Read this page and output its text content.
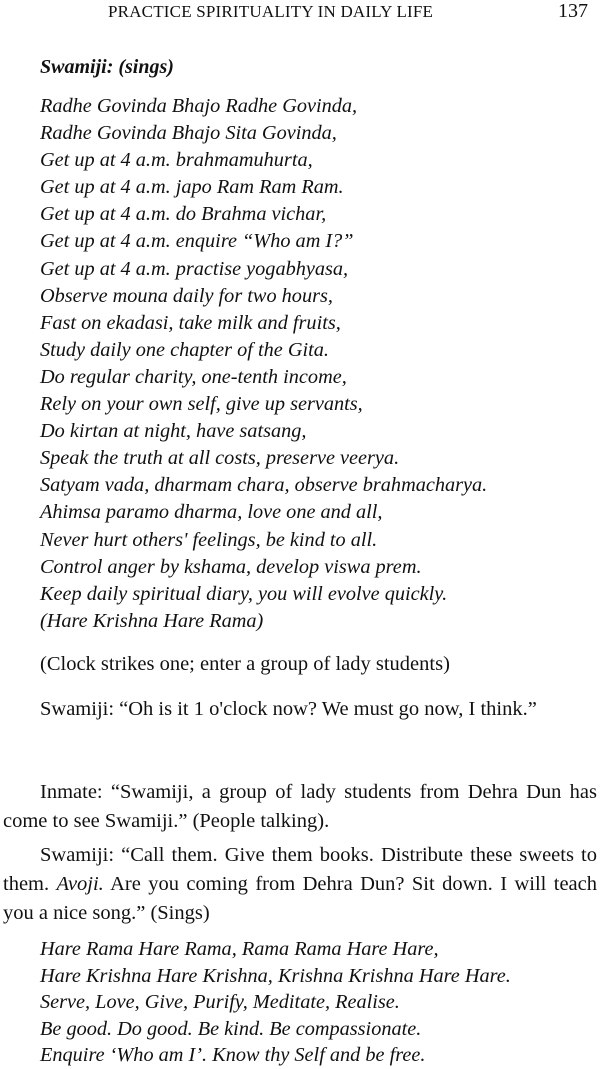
PRACTICE SPIRITUALITY IN DAILY LIFE	137
Swamiji: (sings)
Radhe Govinda Bhajo Radhe Govinda,
Radhe Govinda Bhajo Sita Govinda,
Get up at 4 a.m. brahmamuhurta,
Get up at 4 a.m. japo Ram Ram Ram.
Get up at 4 a.m. do Brahma vichar,
Get up at 4 a.m. enquire “Who am I?”
Get up at 4 a.m. practise yogabhyasa,
Observe mouna daily for two hours,
Fast on ekadasi, take milk and fruits,
Study daily one chapter of the Gita.
Do regular charity, one-tenth income,
Rely on your own self, give up servants,
Do kirtan at night, have satsang,
Speak the truth at all costs, preserve veerya.
Satyam vada, dharmam chara, observe brahmacharya.
Ahimsa paramo dharma, love one and all,
Never hurt others' feelings, be kind to all.
Control anger by kshama, develop viswa prem.
Keep daily spiritual diary, you will evolve quickly.
(Hare Krishna Hare Rama)

(Clock strikes one; enter a group of lady students)

Swamiji: “Oh is it 1 o'clock now? We must go now, I think.”

Inmate: “Swamiji, a group of lady students from Dehra Dun has come to see Swamiji.” (People talking).

Swamiji: “Call them. Give them books. Distribute these sweets to them. Avoji. Are you coming from Dehra Dun? Sit down. I will teach you a nice song.” (Sings)

Hare Rama Hare Rama, Rama Rama Hare Hare,
Hare Krishna Hare Krishna, Krishna Krishna Hare Hare.
Serve, Love, Give, Purify, Meditate, Realise.
Be good. Do good. Be kind. Be compassionate.
Enquire ‘Who am I’. Know thy Self and be free.
